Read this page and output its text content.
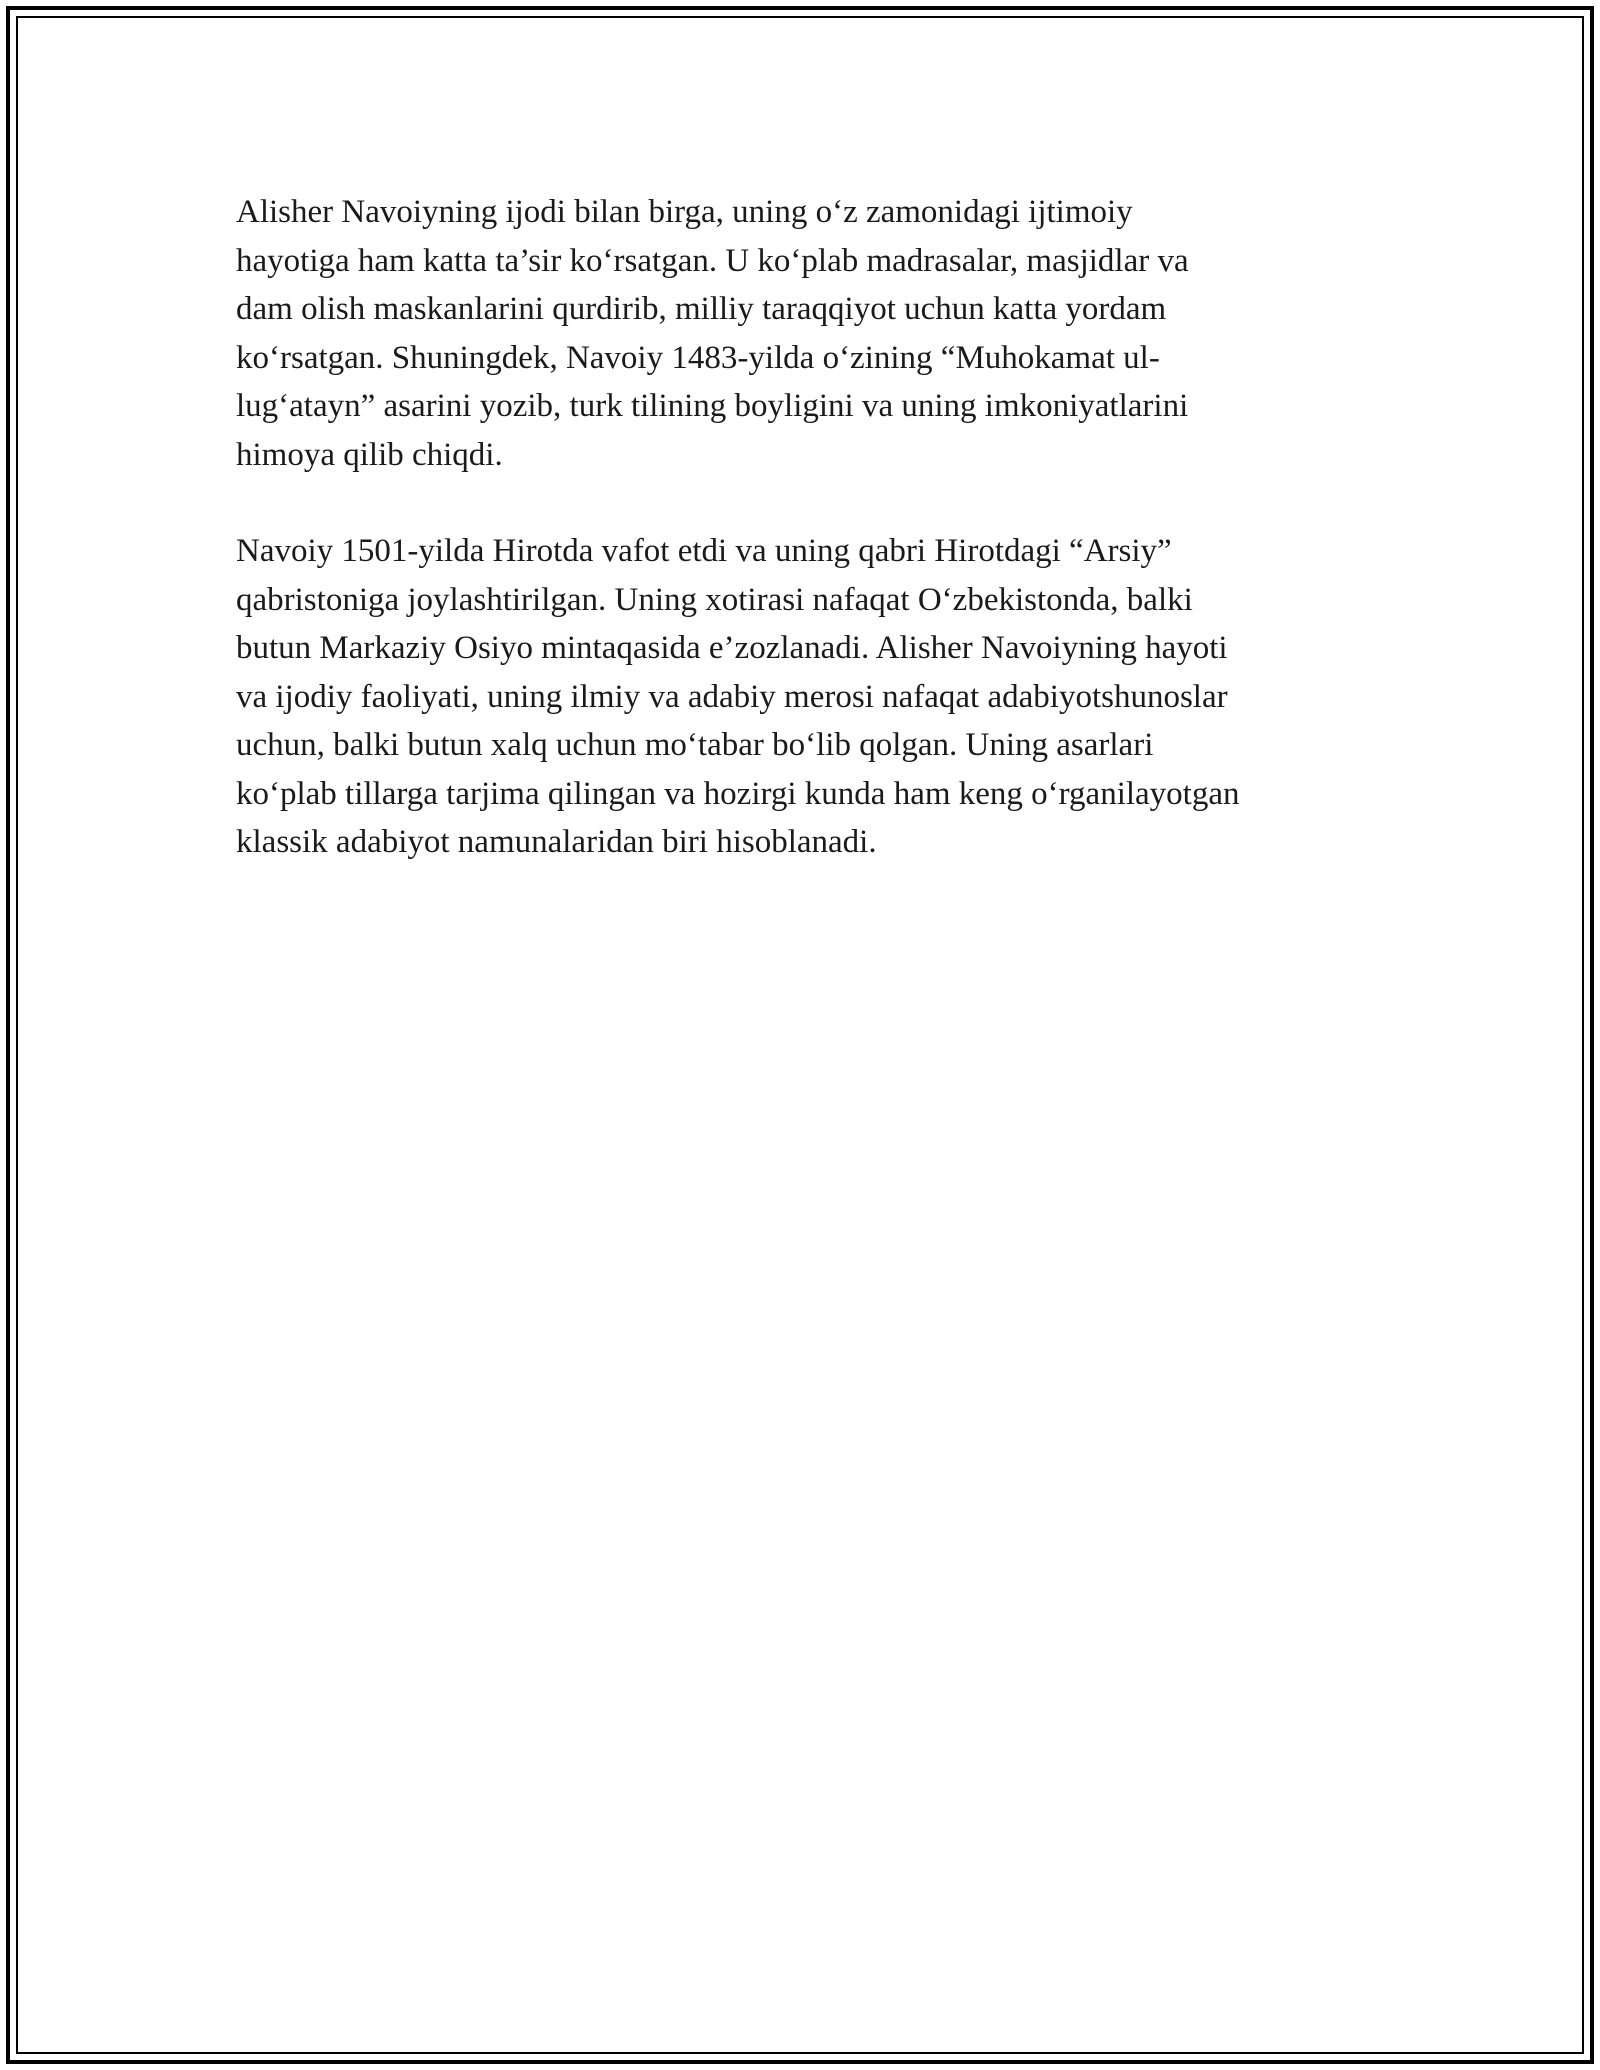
Alisher Navoiyning ijodi bilan birga, uning o‘z zamonidagi ijtimoiy
hayotiga ham katta ta’sir ko‘rsatgan. U ko‘plab madrasalar, masjidlar va
dam olish maskanlarini qurdirib, milliy taraqqiyot uchun katta yordam
ko‘rsatgan. Shuningdek, Navoiy 1483-yilda o‘zining “Muhokamat ul-
lug‘atayn” asarini yozib, turk tilining boyligini va uning imkoniyatlarini
himoya qilib chiqdi.

Navoiy 1501-yilda Hirotda vafot etdi va uning qabri Hirotdagi “Arsiy”
qabristoniga joylashtirilgan. Uning xotirasi nafaqat O‘zbekistonda, balki
butun Markaziy Osiyo mintaqasida e’zozlanadi. Alisher Navoiyning hayoti
va ijodiy faoliyati, uning ilmiy va adabiy merosi nafaqat adabiyotshunoslar
uchun, balki butun xalq uchun mo‘tabar bo‘lib qolgan. Uning asarlari
ko‘plab tillarga tarjima qilingan va hozirgi kunda ham keng o‘rganilayotgan
klassik adabiyot namunalaridan biri hisoblanadi.
